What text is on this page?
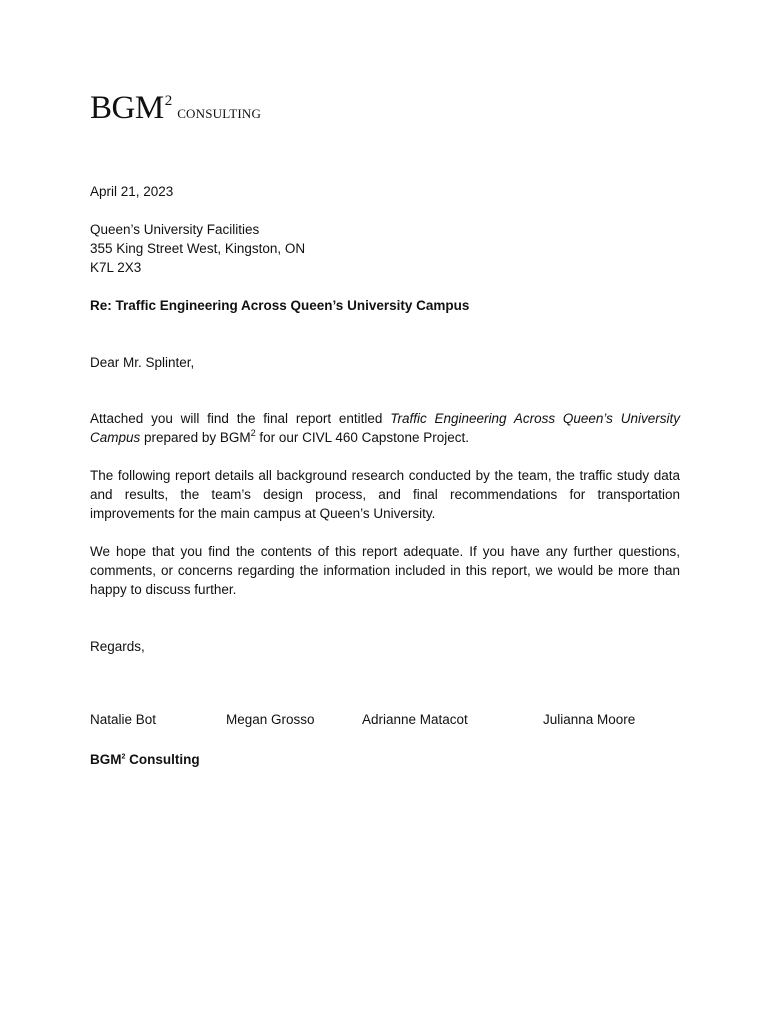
BGM2consulting

April 21, 2023

Queen’s University Facilities
355 King Street West, Kingston, ON
K7L 2X3

Re: Traffic Engineering Across Queen’s University Campus

Dear Mr. Splinter,

Attached you will find the final report entitled Traffic Engineering Across Queen’s University Campus prepared by BGM$^2$ for our CIVL 460 Capstone Project.

The following report details all background research conducted by the team, the traffic study data and results, the team’s design process, and final recommendations for transportation improvements for the main campus at Queen’s University.

We hope that you find the contents of this report adequate. If you have any further questions, comments, or concerns regarding the information included in this report, we would be more than happy to discuss further.

Regards,

Natalie Bot	Megan Grosso	Adrianne Matacot	Julianna Moore

BGM$^2$ Consulting
